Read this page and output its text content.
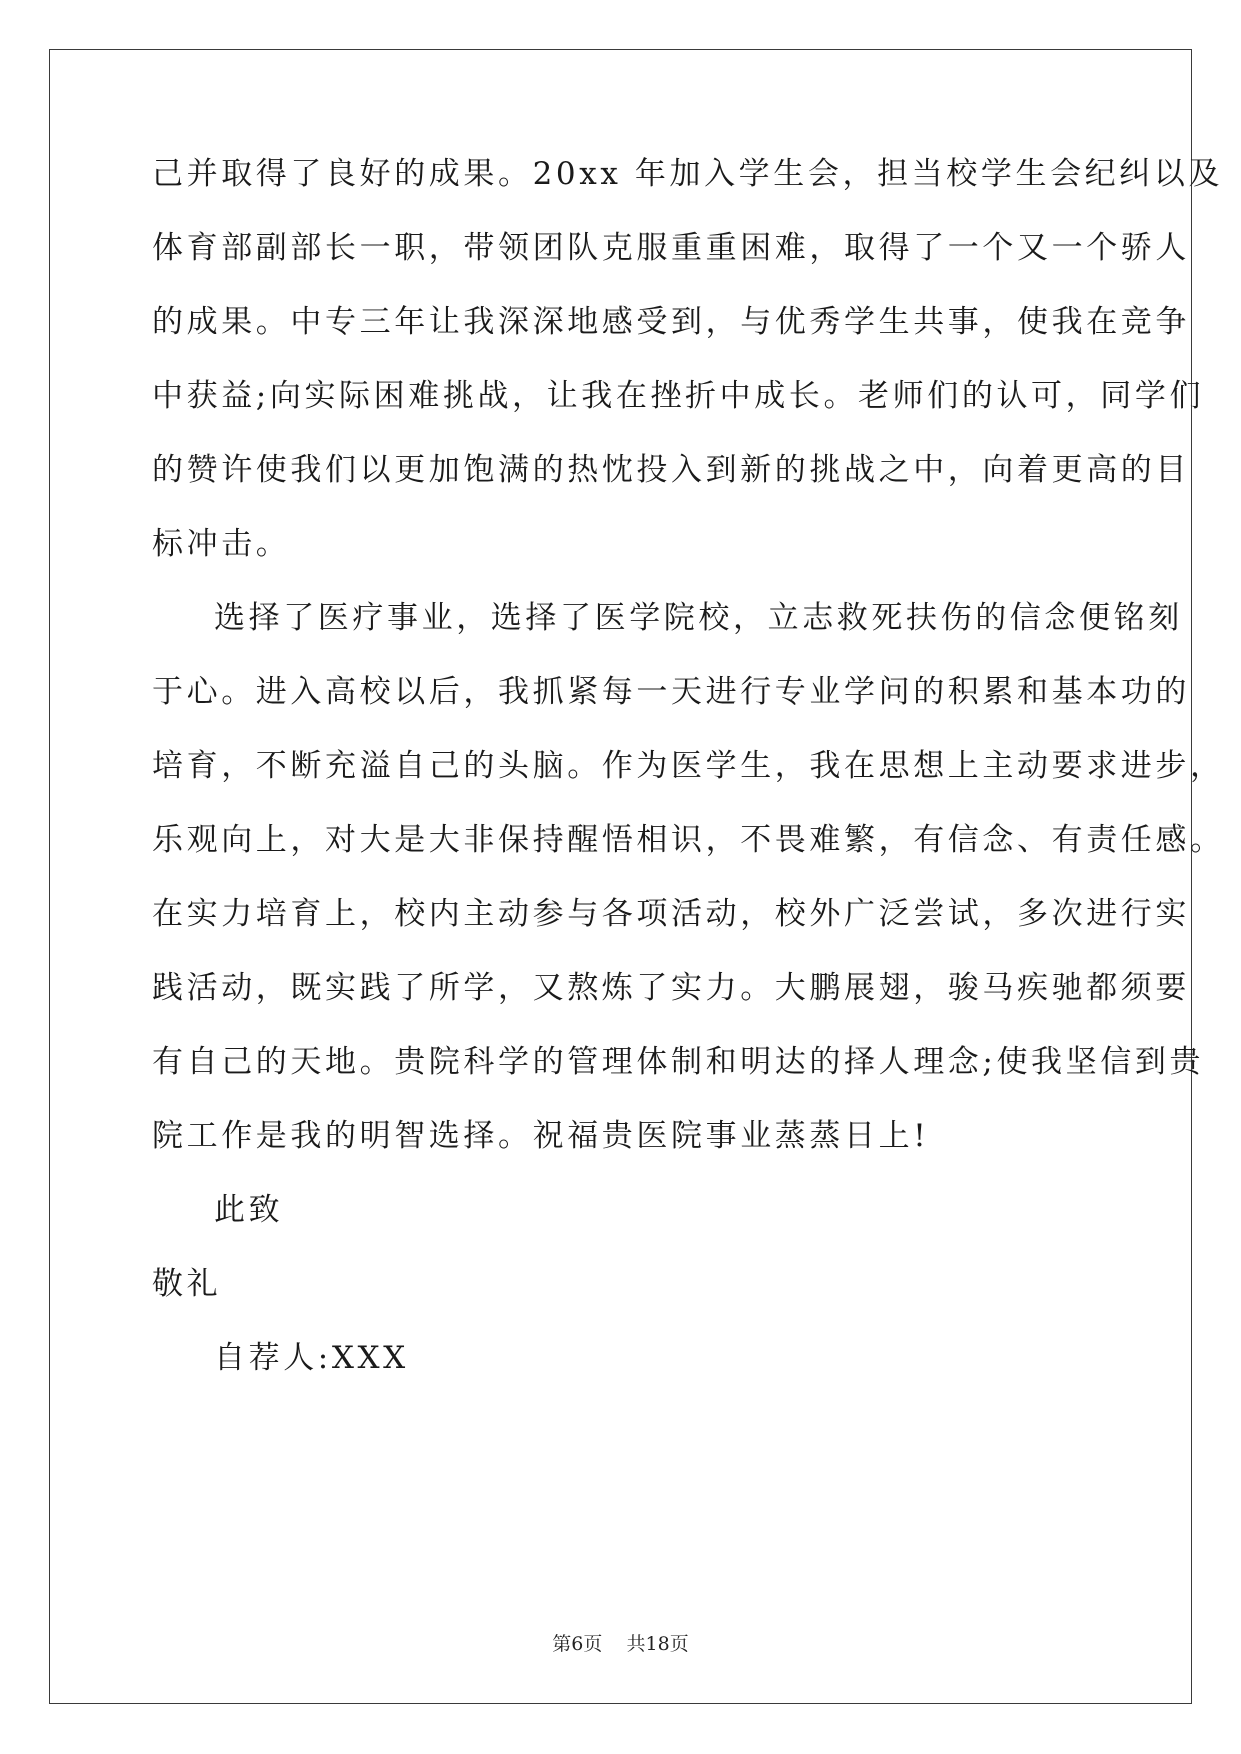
己并取得了良好的成果。20xx 年加入学生会，担当校学生会纪纠以及
体育部副部长一职，带领团队克服重重困难，取得了一个又一个骄人
的成果。中专三年让我深深地感受到，与优秀学生共事，使我在竞争
中获益;向实际困难挑战，让我在挫折中成长。老师们的认可，同学们
的赞许使我们以更加饱满的热忱投入到新的挑战之中，向着更高的目
标冲击。
选择了医疗事业，选择了医学院校，立志救死扶伤的信念便铭刻
于心。进入高校以后，我抓紧每一天进行专业学问的积累和基本功的
培育，不断充溢自己的头脑。作为医学生，我在思想上主动要求进步，
乐观向上，对大是大非保持醒悟相识，不畏难繁，有信念、有责任感。
在实力培育上，校内主动参与各项活动，校外广泛尝试，多次进行实
践活动，既实践了所学，又熬炼了实力。大鹏展翅，骏马疾驰都须要
有自己的天地。贵院科学的管理体制和明达的择人理念;使我坚信到贵
院工作是我的明智选择。祝福贵医院事业蒸蒸日上!
此致
敬礼
自荐人:XXX
第6页 共18页
